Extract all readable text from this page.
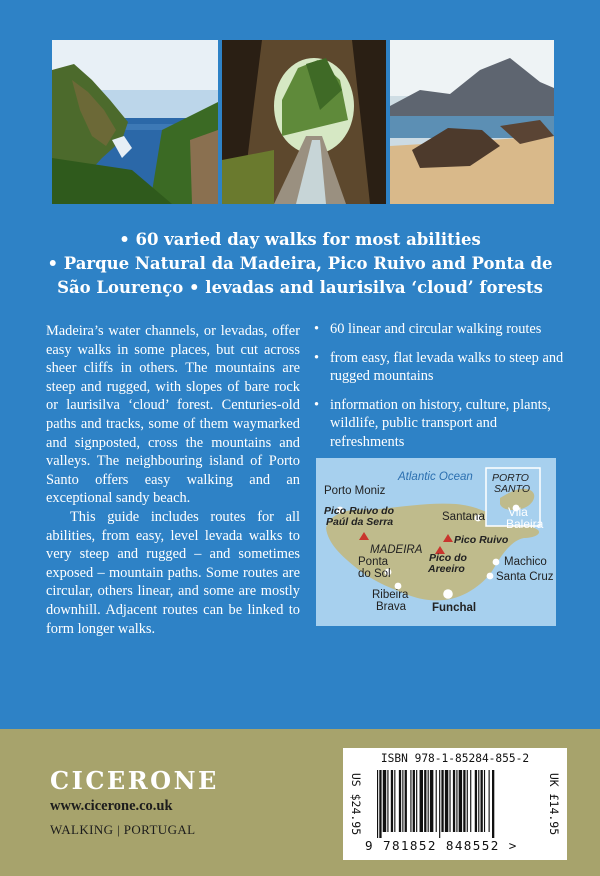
• 60 varied day walks for most abilities
• Parque Natural da Madeira, Pico Ruivo and Ponta de
São Lourenço • levadas and laurisilva ‘cloud’ forests

Madeira’s water channels, or levadas, offer easy walks in some places, but cut across sheer cliffs in others. The mountains are steep and rugged, with slopes of bare rock or laurisilva ‘cloud’ forest. Centuries-old paths and tracks, some of them waymarked and signposted, cross the mountains and valleys. The neighbouring island of Porto Santo offers easy walking and an exceptional sandy beach.

This guide includes routes for all abilities, from easy, level levada walks to very steep and rugged – and sometimes exposed – mountain paths. Some routes are circular, others linear, and some are mostly downhill. Adjacent routes can be linked to form longer walks.

• 60 linear and circular walking routes
• from easy, flat levada walks to steep and rugged mountains
• information on history, culture, plants, wildlife, public transport and refreshments
Atlantic Ocean PORTO
SANTO
Porto Moniz
Pico Ruivo do
Paúl da Serra	Santana Vila
Baleira
Pico Ruivo
MADEIRA
Pico do
Areeiro
Ponta
do Sol
Machico
Santa Cruz
Ribeira
Brava Funchal
CICERONE
www.cicerone.co.uk
WALKING | PORTUGAL	US $24.95
ISBN 978-1-85284-855-2
9 781852 848552 >
UK £14.95
